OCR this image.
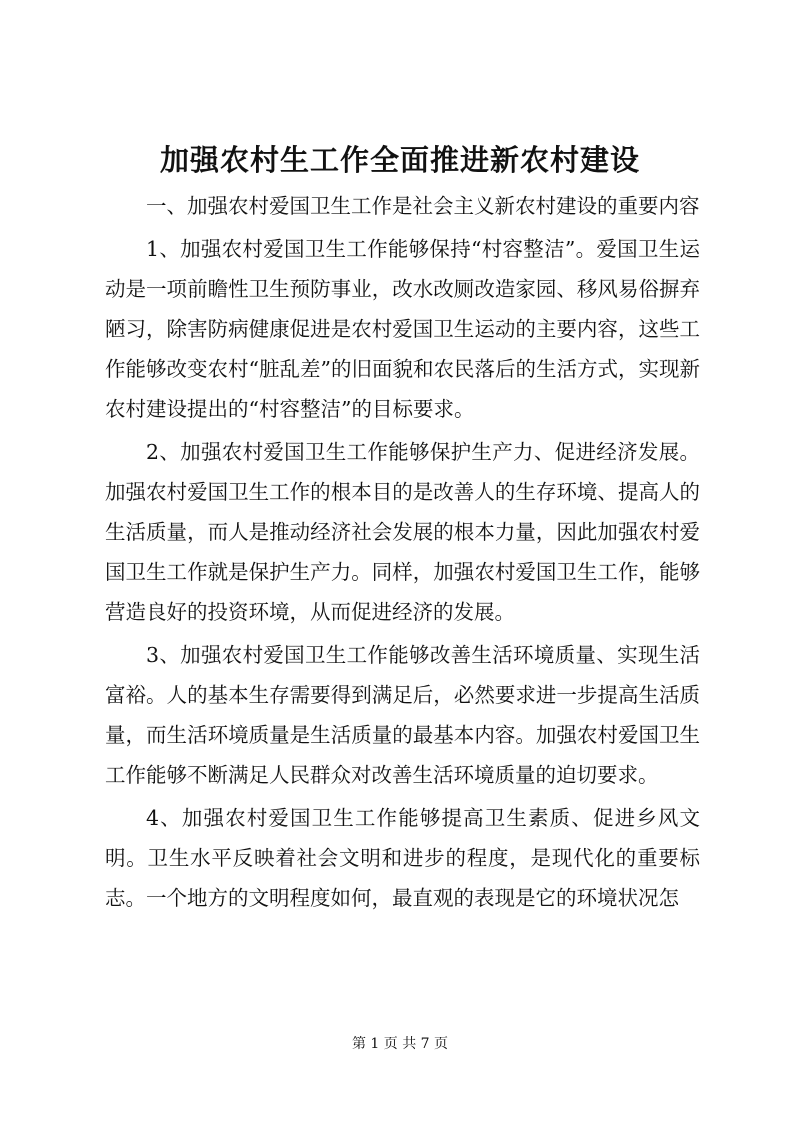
加强农村生工作全面推进新农村建设

一、加强农村爱国卫生工作是社会主义新农村建设的重要内容

1、加强农村爱国卫生工作能够保持“村容整洁”。爱国卫生运动是一项前瞻性卫生预防事业，改水改厕改造家园、移风易俗摒弃陋习，除害防病健康促进是农村爱国卫生运动的主要内容，这些工作能够改变农村“脏乱差”的旧面貌和农民落后的生活方式，实现新农村建设提出的“村容整洁”的目标要求。

2、加强农村爱国卫生工作能够保护生产力、促进经济发展。加强农村爱国卫生工作的根本目的是改善人的生存环境、提高人的生活质量，而人是推动经济社会发展的根本力量，因此加强农村爱国卫生工作就是保护生产力。同样，加强农村爱国卫生工作，能够营造良好的投资环境，从而促进经济的发展。

3、加强农村爱国卫生工作能够改善生活环境质量、实现生活富裕。人的基本生存需要得到满足后，必然要求进一步提高生活质量，而生活环境质量是生活质量的最基本内容。加强农村爱国卫生工作能够不断满足人民群众对改善生活环境质量的迫切要求。

4、加强农村爱国卫生工作能够提高卫生素质、促进乡风文明。卫生水平反映着社会文明和进步的程度，是现代化的重要标志。一个地方的文明程度如何，最直观的表现是它的环境状况怎

第 1 页 共 7 页
